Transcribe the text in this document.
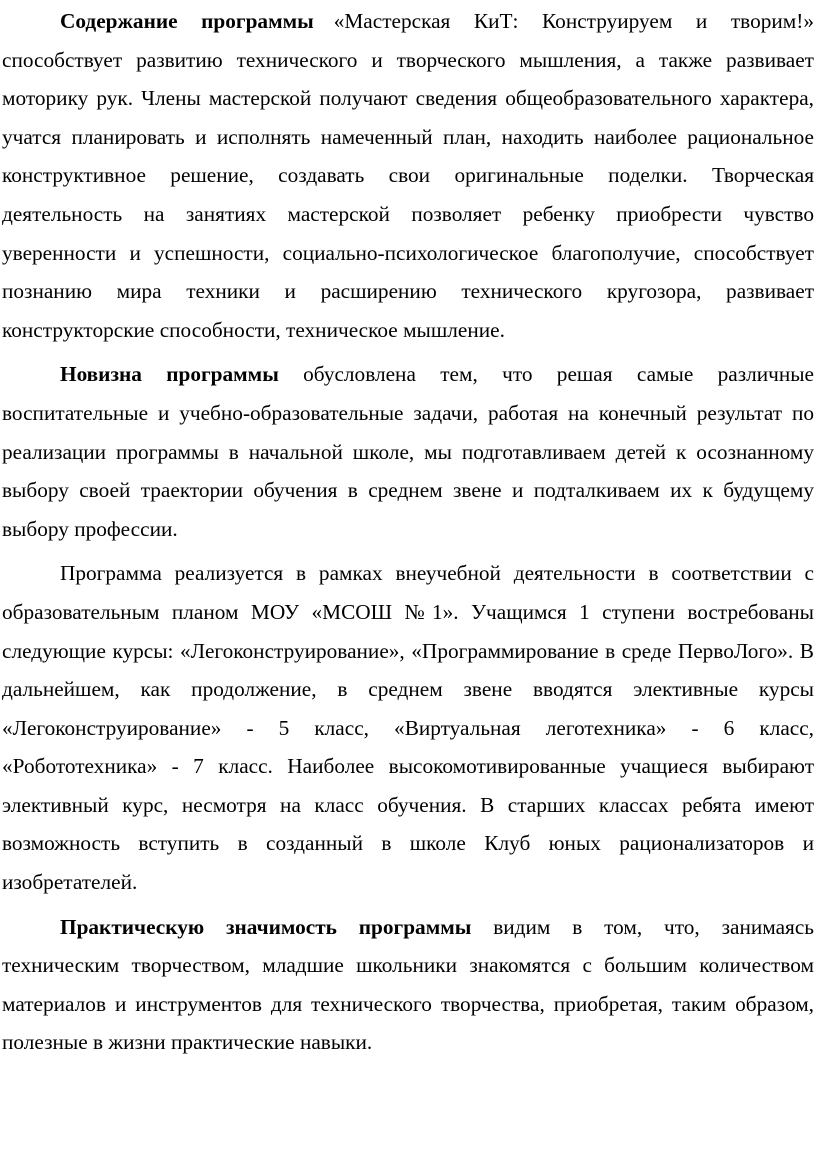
Содержание программы «Мастерская КиТ: Конструируем и творим!» способствует развитию технического и творческого мышления, а также развивает моторику рук. Члены мастерской получают сведения общеобразовательного характера, учатся планировать и исполнять намеченный план, находить наиболее рациональное конструктивное решение, создавать свои оригинальные поделки. Творческая деятельность на занятиях мастерской позволяет ребенку приобрести чувство уверенности и успешности, социально-психологическое благополучие, способствует познанию мира техники и расширению технического кругозора, развивает конструкторские способности, техническое мышление.

Новизна программы обусловлена тем, что решая самые различные воспитательные и учебно-образовательные задачи, работая на конечный результат по реализации программы в начальной школе, мы подготавливаем детей к осознанному выбору своей траектории обучения в среднем звене и подталкиваем их к будущему выбору профессии.

Программа реализуется в рамках внеучебной деятельности в соответствии с образовательным планом МОУ «МСОШ №1». Учащимся 1 ступени востребованы следующие курсы: «Легоконструирование», «Программирование в среде ПервоЛого». В дальнейшем, как продолжение, в среднем звене вводятся элективные курсы «Легоконструирование» - 5 класс, «Виртуальная леготехника» - 6 класс, «Робототехника» - 7 класс. Наиболее высокомотивированные учащиеся выбирают элективный курс, несмотря на класс обучения. В старших классах ребята имеют возможность вступить в созданный в школе Клуб юных рационализаторов и изобретателей.

Практическую значимость программы видим в том, что, занимаясь техническим творчеством, младшие школьники знакомятся с большим количеством материалов и инструментов для технического творчества, приобретая, таким образом, полезные в жизни практические навыки.
